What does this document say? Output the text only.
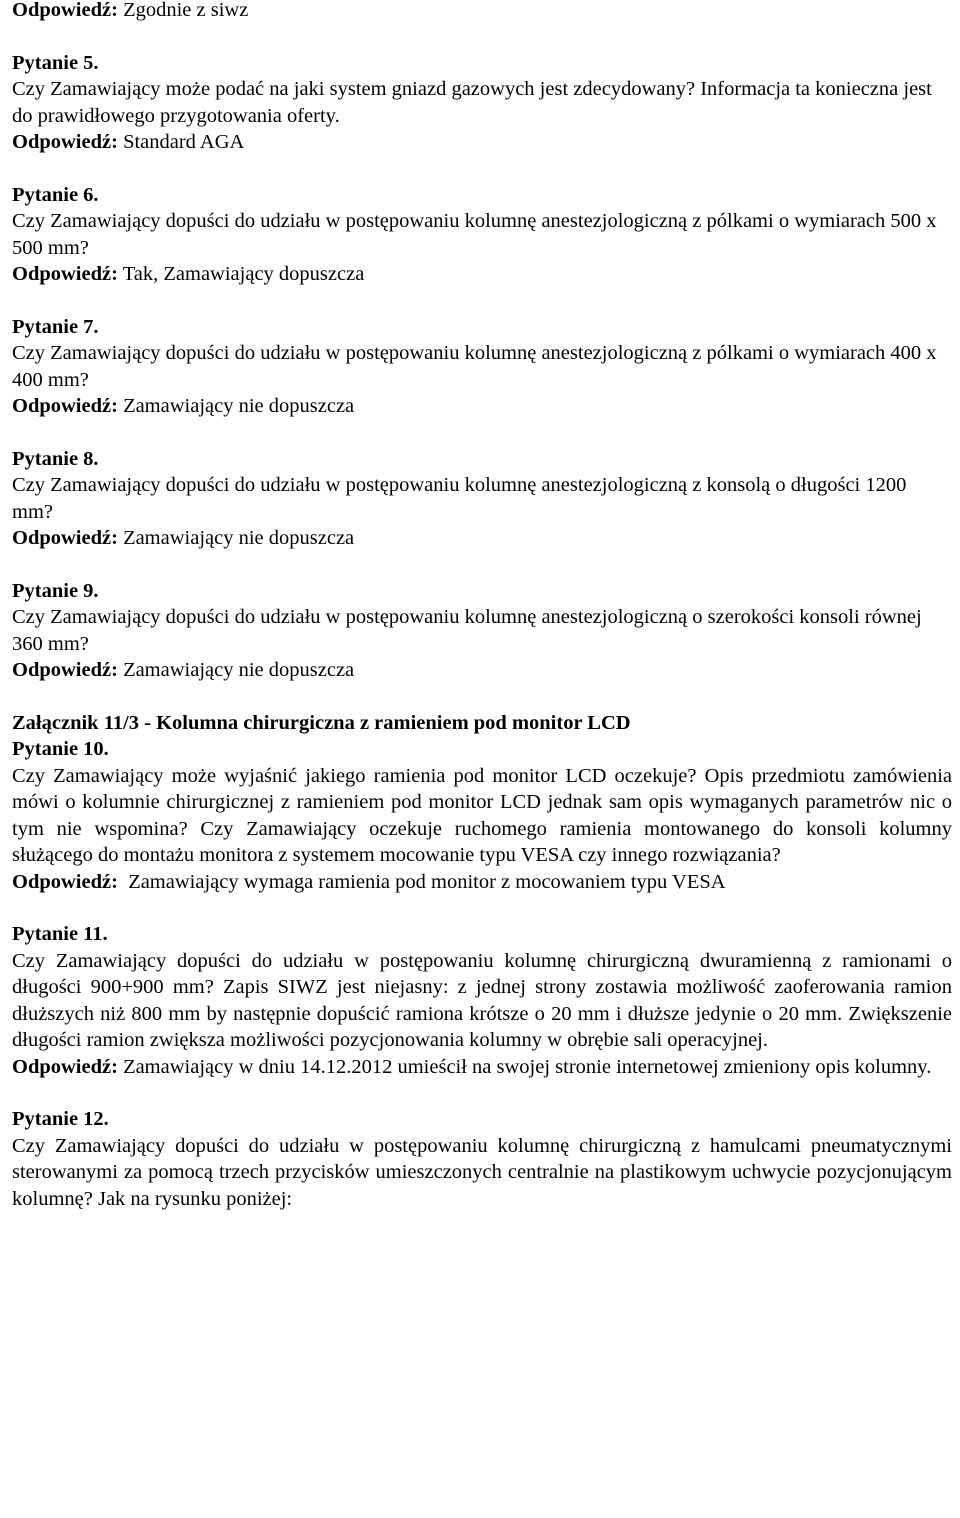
Odpowiedź: Zgodnie z siwz

Pytanie 5.

Czy Zamawiający może podać na jaki system gniazd gazowych jest zdecydowany? Informacja ta konieczna jest do prawidłowego przygotowania oferty.

Odpowiedź: Standard AGA

Pytanie 6.

Czy Zamawiający dopuści do udziału w postępowaniu kolumnę anestezjologiczną z pólkami o wymiarach 500 x 500 mm?

Odpowiedź: Tak, Zamawiający dopuszcza

Pytanie 7.

Czy Zamawiający dopuści do udziału w postępowaniu kolumnę anestezjologiczną z pólkami o wymiarach 400 x 400 mm?

Odpowiedź: Zamawiający nie dopuszcza

Pytanie 8.

Czy Zamawiający dopuści do udziału w postępowaniu kolumnę anestezjologiczną z konsolą o długości 1200 mm?

Odpowiedź: Zamawiający nie dopuszcza

Pytanie 9.

Czy Zamawiający dopuści do udziału w postępowaniu kolumnę anestezjologiczną o szerokości konsoli równej 360 mm?

Odpowiedź: Zamawiający nie dopuszcza

Załącznik 11/3 - Kolumna chirurgiczna z ramieniem pod monitor LCD

Pytanie 10.

Czy Zamawiający może wyjaśnić jakiego ramienia pod monitor LCD oczekuje? Opis przedmiotu zamówienia mówi o kolumnie chirurgicznej z ramieniem pod monitor LCD jednak sam opis wymaganych parametrów nic o tym nie wspomina? Czy Zamawiający oczekuje ruchomego ramienia montowanego do konsoli kolumny służącego do montażu monitora z systemem mocowanie typu VESA czy innego rozwiązania?

Odpowiedź: Zamawiający wymaga ramienia pod monitor z mocowaniem typu VESA

Pytanie 11.

Czy Zamawiający dopuści do udziału w postępowaniu kolumnę chirurgiczną dwuramienną z ramionami o długości 900+900 mm? Zapis SIWZ jest niejasny: z jednej strony zostawia możliwość zaoferowania ramion dłuższych niż 800 mm by następnie dopuścić ramiona krótsze o 20 mm i dłuższe jedynie o 20 mm. Zwiększenie długości ramion zwiększa możliwości pozycjonowania kolumny w obrębie sali operacyjnej.

Odpowiedź: Zamawiający w dniu 14.12.2012 umieścił na swojej stronie internetowej zmieniony opis kolumny.

Pytanie 12.

Czy Zamawiający dopuści do udziału w postępowaniu kolumnę chirurgiczną z hamulcami pneumatycznymi sterowanymi za pomocą trzech przycisków umieszczonych centralnie na plastikowym uchwycie pozycjonującym kolumnę? Jak na rysunku poniżej:
